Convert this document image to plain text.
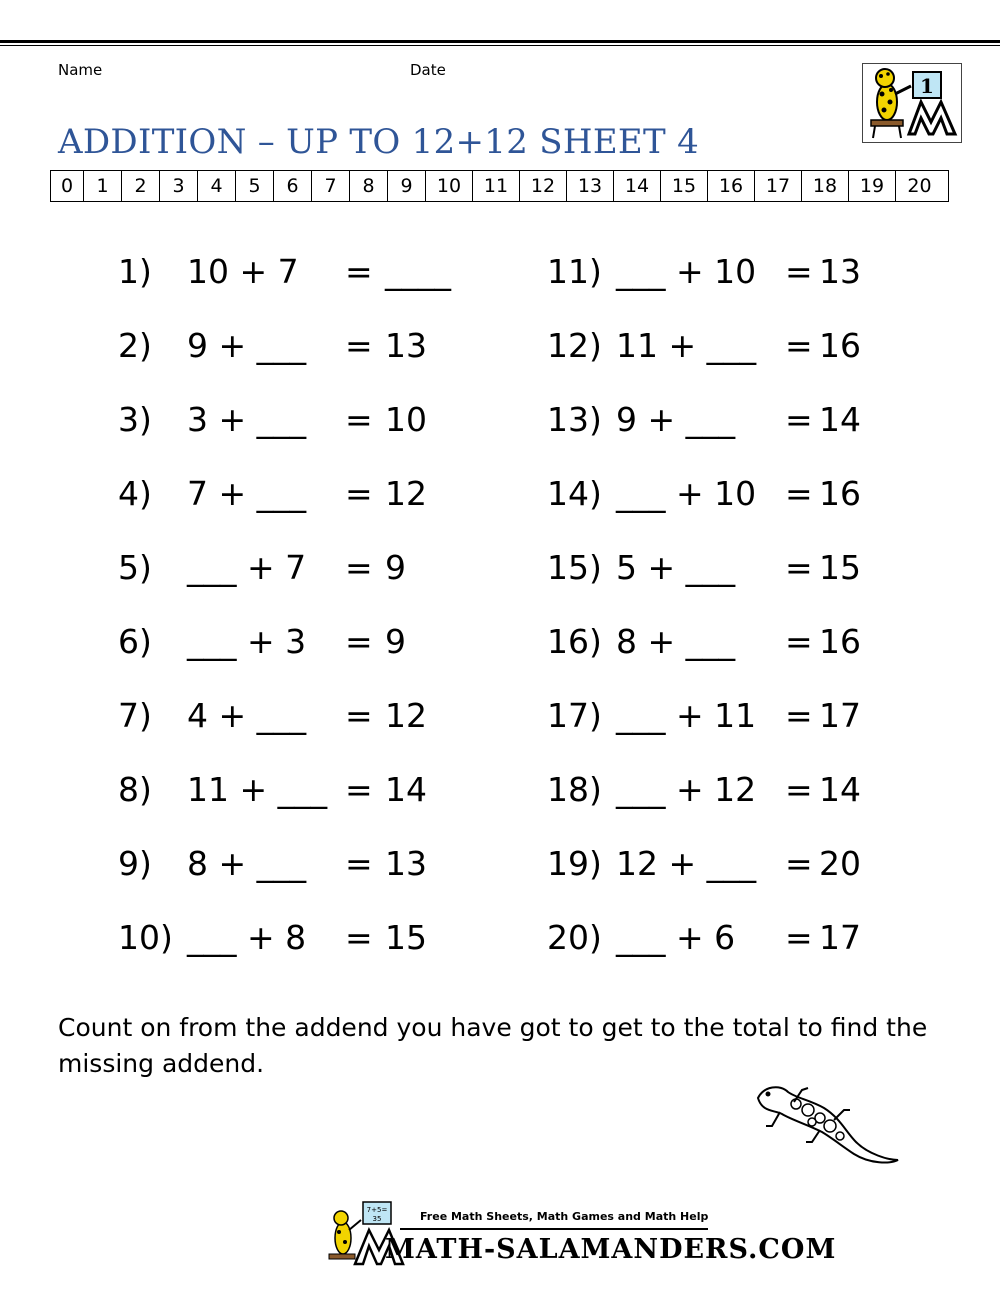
Name	Date
1
ADDITION – UP TO 12+12 SHEET 4
0	1	2	3	4	5	6	7	8	9	10	11	12	13	14	15	16	17	18	19	20
1) 10 + 7 = ____
2) 9 + ___ = 13
3) 3 + ___ = 10
4) 7 + ___ = 12
5) ___ + 7 = 9
6) ___ + 3 = 9
7) 4 + ___ = 12
8) 11 + ___ = 14
9) 8 + ___ = 13
10) ___ + 8 = 15
11) ___ + 10 = 13
12) 11 + ___ = 16
13) 9 + ___ = 14
14) ___ + 10 = 16
15) 5 + ___ = 15
16) 8 + ___ = 16
17) ___ + 11 = 17
18) ___ + 12 = 14
19) 12 + ___ = 20
20) ___ + 6 = 17
Count on from the addend you have got to get to the total to find the missing addend.
7+5=
35	Free Math Sheets, Math Games and Math Help
MATH-SALAMANDERS.COM
